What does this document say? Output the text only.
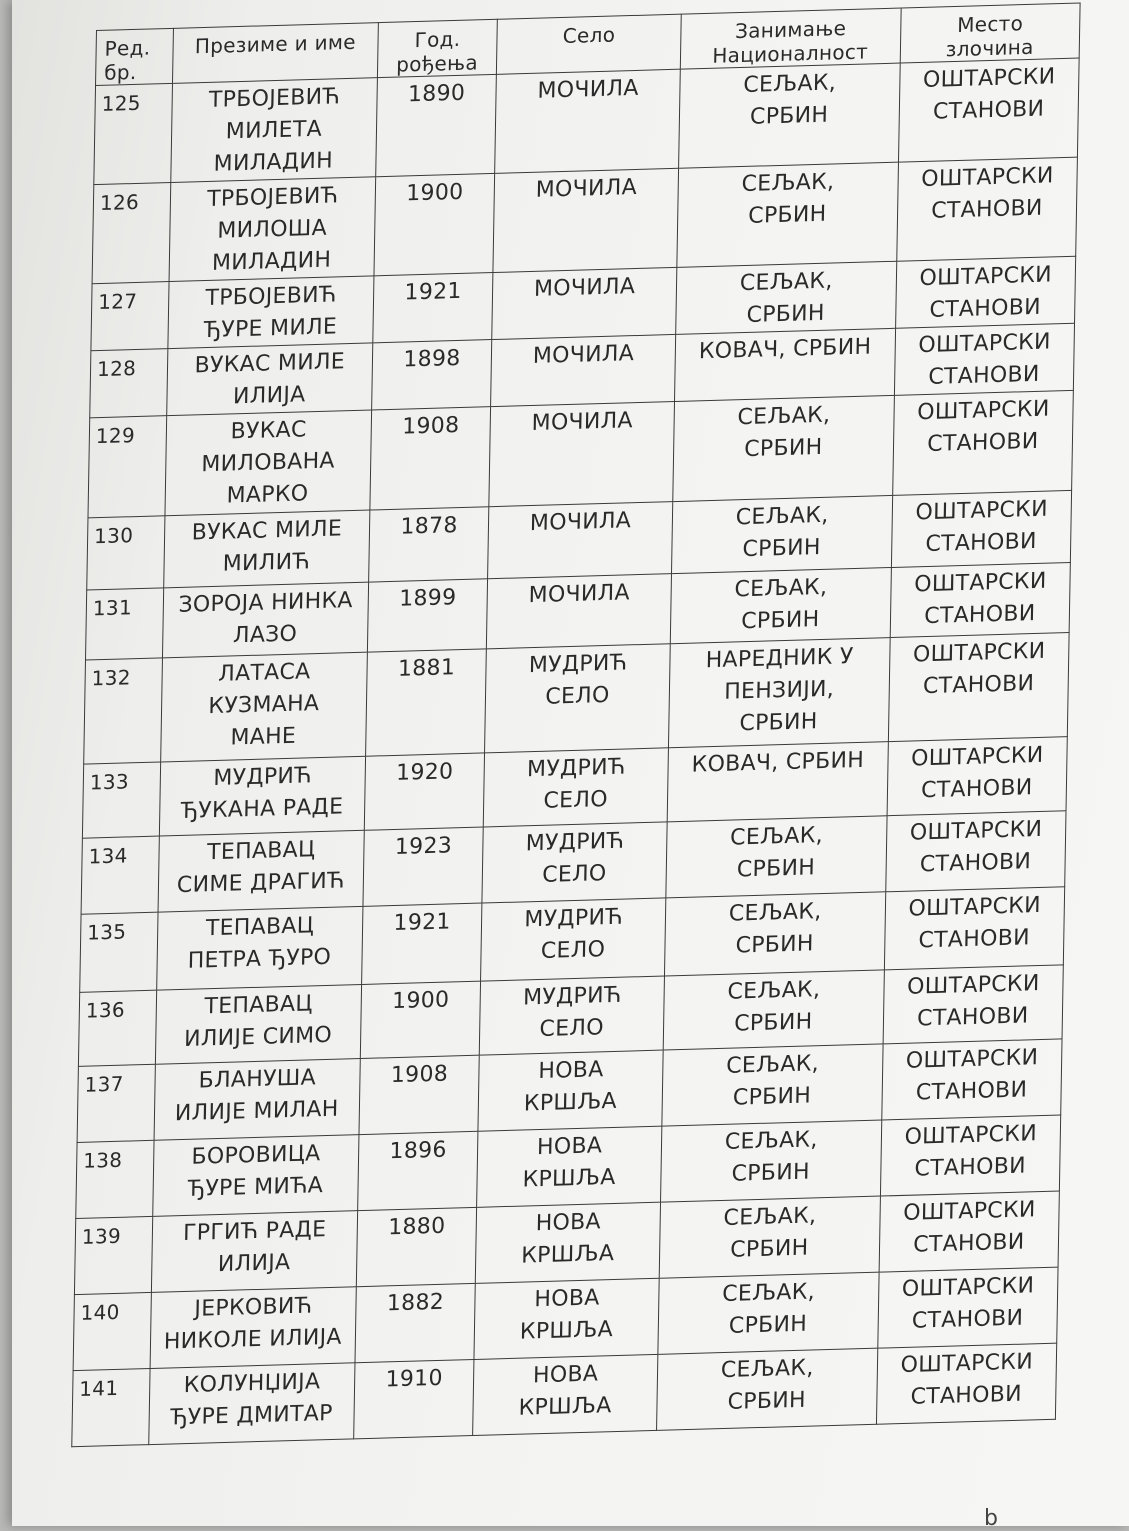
Ред.
бр.	Презиме и име	Год.
рођења	Село	Занимање
Националност	Место
злочина

125	ТРБОЈЕВИЋ
МИЛЕТА
МИЛАДИН	1890	МОЧИЛА	СЕЉАК,
СРБИН	ОШТАРСКИ
СТАНОВИ

126	ТРБОЈЕВИЋ
МИЛОША
МИЛАДИН	1900	МОЧИЛА	СЕЉАК,
СРБИН	ОШТАРСКИ
СТАНОВИ

127	ТРБОЈЕВИЋ
ЂУРЕ МИЛЕ	1921	МОЧИЛА	СЕЉАК,
СРБИН	ОШТАРСКИ
СТАНОВИ

128	ВУКАС МИЛЕ
ИЛИЈА	1898	МОЧИЛА	КОВАЧ, СРБИН	ОШТАРСКИ
СТАНОВИ

129	ВУКАС
МИЛОВАНА
МАРКО	1908	МОЧИЛА	СЕЉАК,
СРБИН	ОШТАРСКИ
СТАНОВИ

130	ВУКАС МИЛЕ
МИЛИЋ	1878	МОЧИЛА	СЕЉАК,
СРБИН	ОШТАРСКИ
СТАНОВИ

131	ЗОРОЈА НИНКА
ЛАЗО	1899	МОЧИЛА	СЕЉАК,
СРБИН	ОШТАРСКИ
СТАНОВИ

132	ЛАТАСА
КУЗМАНА
МАНЕ	1881	МУДРИЋ
СЕЛО	НАРЕДНИК У
ПЕНЗИЈИ,
СРБИН	ОШТАРСКИ
СТАНОВИ

133	МУДРИЋ
ЂУКАНА РАДЕ	1920	МУДРИЋ
СЕЛО	КОВАЧ, СРБИН	ОШТАРСКИ
СТАНОВИ

134	ТЕПАВАЦ
СИМЕ ДРАГИЋ	1923	МУДРИЋ
СЕЛО	СЕЉАК,
СРБИН	ОШТАРСКИ
СТАНОВИ

135	ТЕПАВАЦ
ПЕТРА ЂУРО	1921	МУДРИЋ
СЕЛО	СЕЉАК,
СРБИН	ОШТАРСКИ
СТАНОВИ

136	ТЕПАВАЦ
ИЛИЈЕ СИМО	1900	МУДРИЋ
СЕЛО	СЕЉАК,
СРБИН	ОШТАРСКИ
СТАНОВИ

137	БЛАНУША
ИЛИЈЕ МИЛАН	1908	НОВА
КРШЉА	СЕЉАК,
СРБИН	ОШТАРСКИ
СТАНОВИ

138	БОРОВИЦА
ЂУРЕ МИЋА	1896	НОВА
КРШЉА	СЕЉАК,
СРБИН	ОШТАРСКИ
СТАНОВИ

139	ГРГИЋ РАДЕ
ИЛИЈА	1880	НОВА
КРШЉА	СЕЉАК,
СРБИН	ОШТАРСКИ
СТАНОВИ

140	ЈЕРКОВИЋ
НИКОЛЕ ИЛИЈА	1882	НОВА
КРШЉА	СЕЉАК,
СРБИН	ОШТАРСКИ
СТАНОВИ

141	КОЛУНЏИЈА
ЂУРЕ ДМИТАР	1910	НОВА
КРШЉА	СЕЉАК,
СРБИН	ОШТАРСКИ
СТАНОВИ
b
